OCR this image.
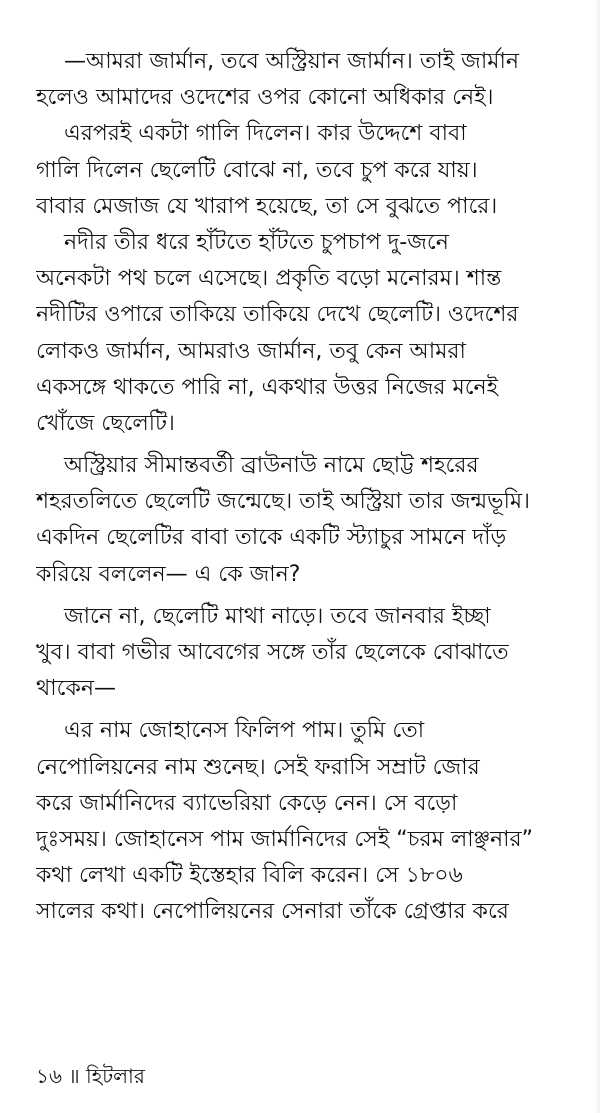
—আমরা জার্মান, তবে অস্ট্রিয়ান জার্মান। তাই জার্মান
হলেও আমাদের ওদেশের ওপর কোনো অধিকার নেই।
এরপরই একটা গালি দিলেন। কার উদ্দেশে বাবা
গালি দিলেন ছেলেটি বোঝে না, তবে চুপ করে যায়।
বাবার মেজাজ যে খারাপ হয়েছে, তা সে বুঝতে পারে।
নদীর তীর ধরে হাঁটতে হাঁটতে চুপচাপ দু-জনে
অনেকটা পথ চলে এসেছে। প্রকৃতি বড়ো মনোরম। শান্ত
নদীটির ওপারে তাকিয়ে তাকিয়ে দেখে ছেলেটি। ওদেশের
লোকও জার্মান, আমরাও জার্মান, তবু কেন আমরা
একসঙ্গে থাকতে পারি না, একথার উত্তর নিজের মনেই
খোঁজে ছেলেটি।
অস্ট্রিয়ার সীমান্তবর্তী ব্রাউনাউ নামে ছোট্ট শহরের
শহরতলিতে ছেলেটি জন্মেছে। তাই অস্ট্রিয়া তার জন্মভূমি।
একদিন ছেলেটির বাবা তাকে একটি স্ট্যাচুর সামনে দাঁড়
করিয়ে বললেন— এ কে জান?
জানে না, ছেলেটি মাথা নাড়ে। তবে জানবার ইচ্ছা
খুব। বাবা গভীর আবেগের সঙ্গে তাঁর ছেলেকে বোঝাতে
থাকেন—
এর নাম জোহানেস ফিলিপ পাম। তুমি তো
নেপোলিয়নের নাম শুনেছ। সেই ফরাসি সম্রাট জোর
করে জার্মানিদের ব্যাভেরিয়া কেড়ে নেন। সে বড়ো
দুঃসময়। জোহানেস পাম জার্মানিদের সেই “চরম লাঞ্ছনার”
কথা লেখা একটি ইস্তেহার বিলি করেন। সে ১৮০৬
সালের কথা। নেপোলিয়নের সেনারা তাঁকে গ্রেপ্তার করে
১৬ ॥ হিটলার
